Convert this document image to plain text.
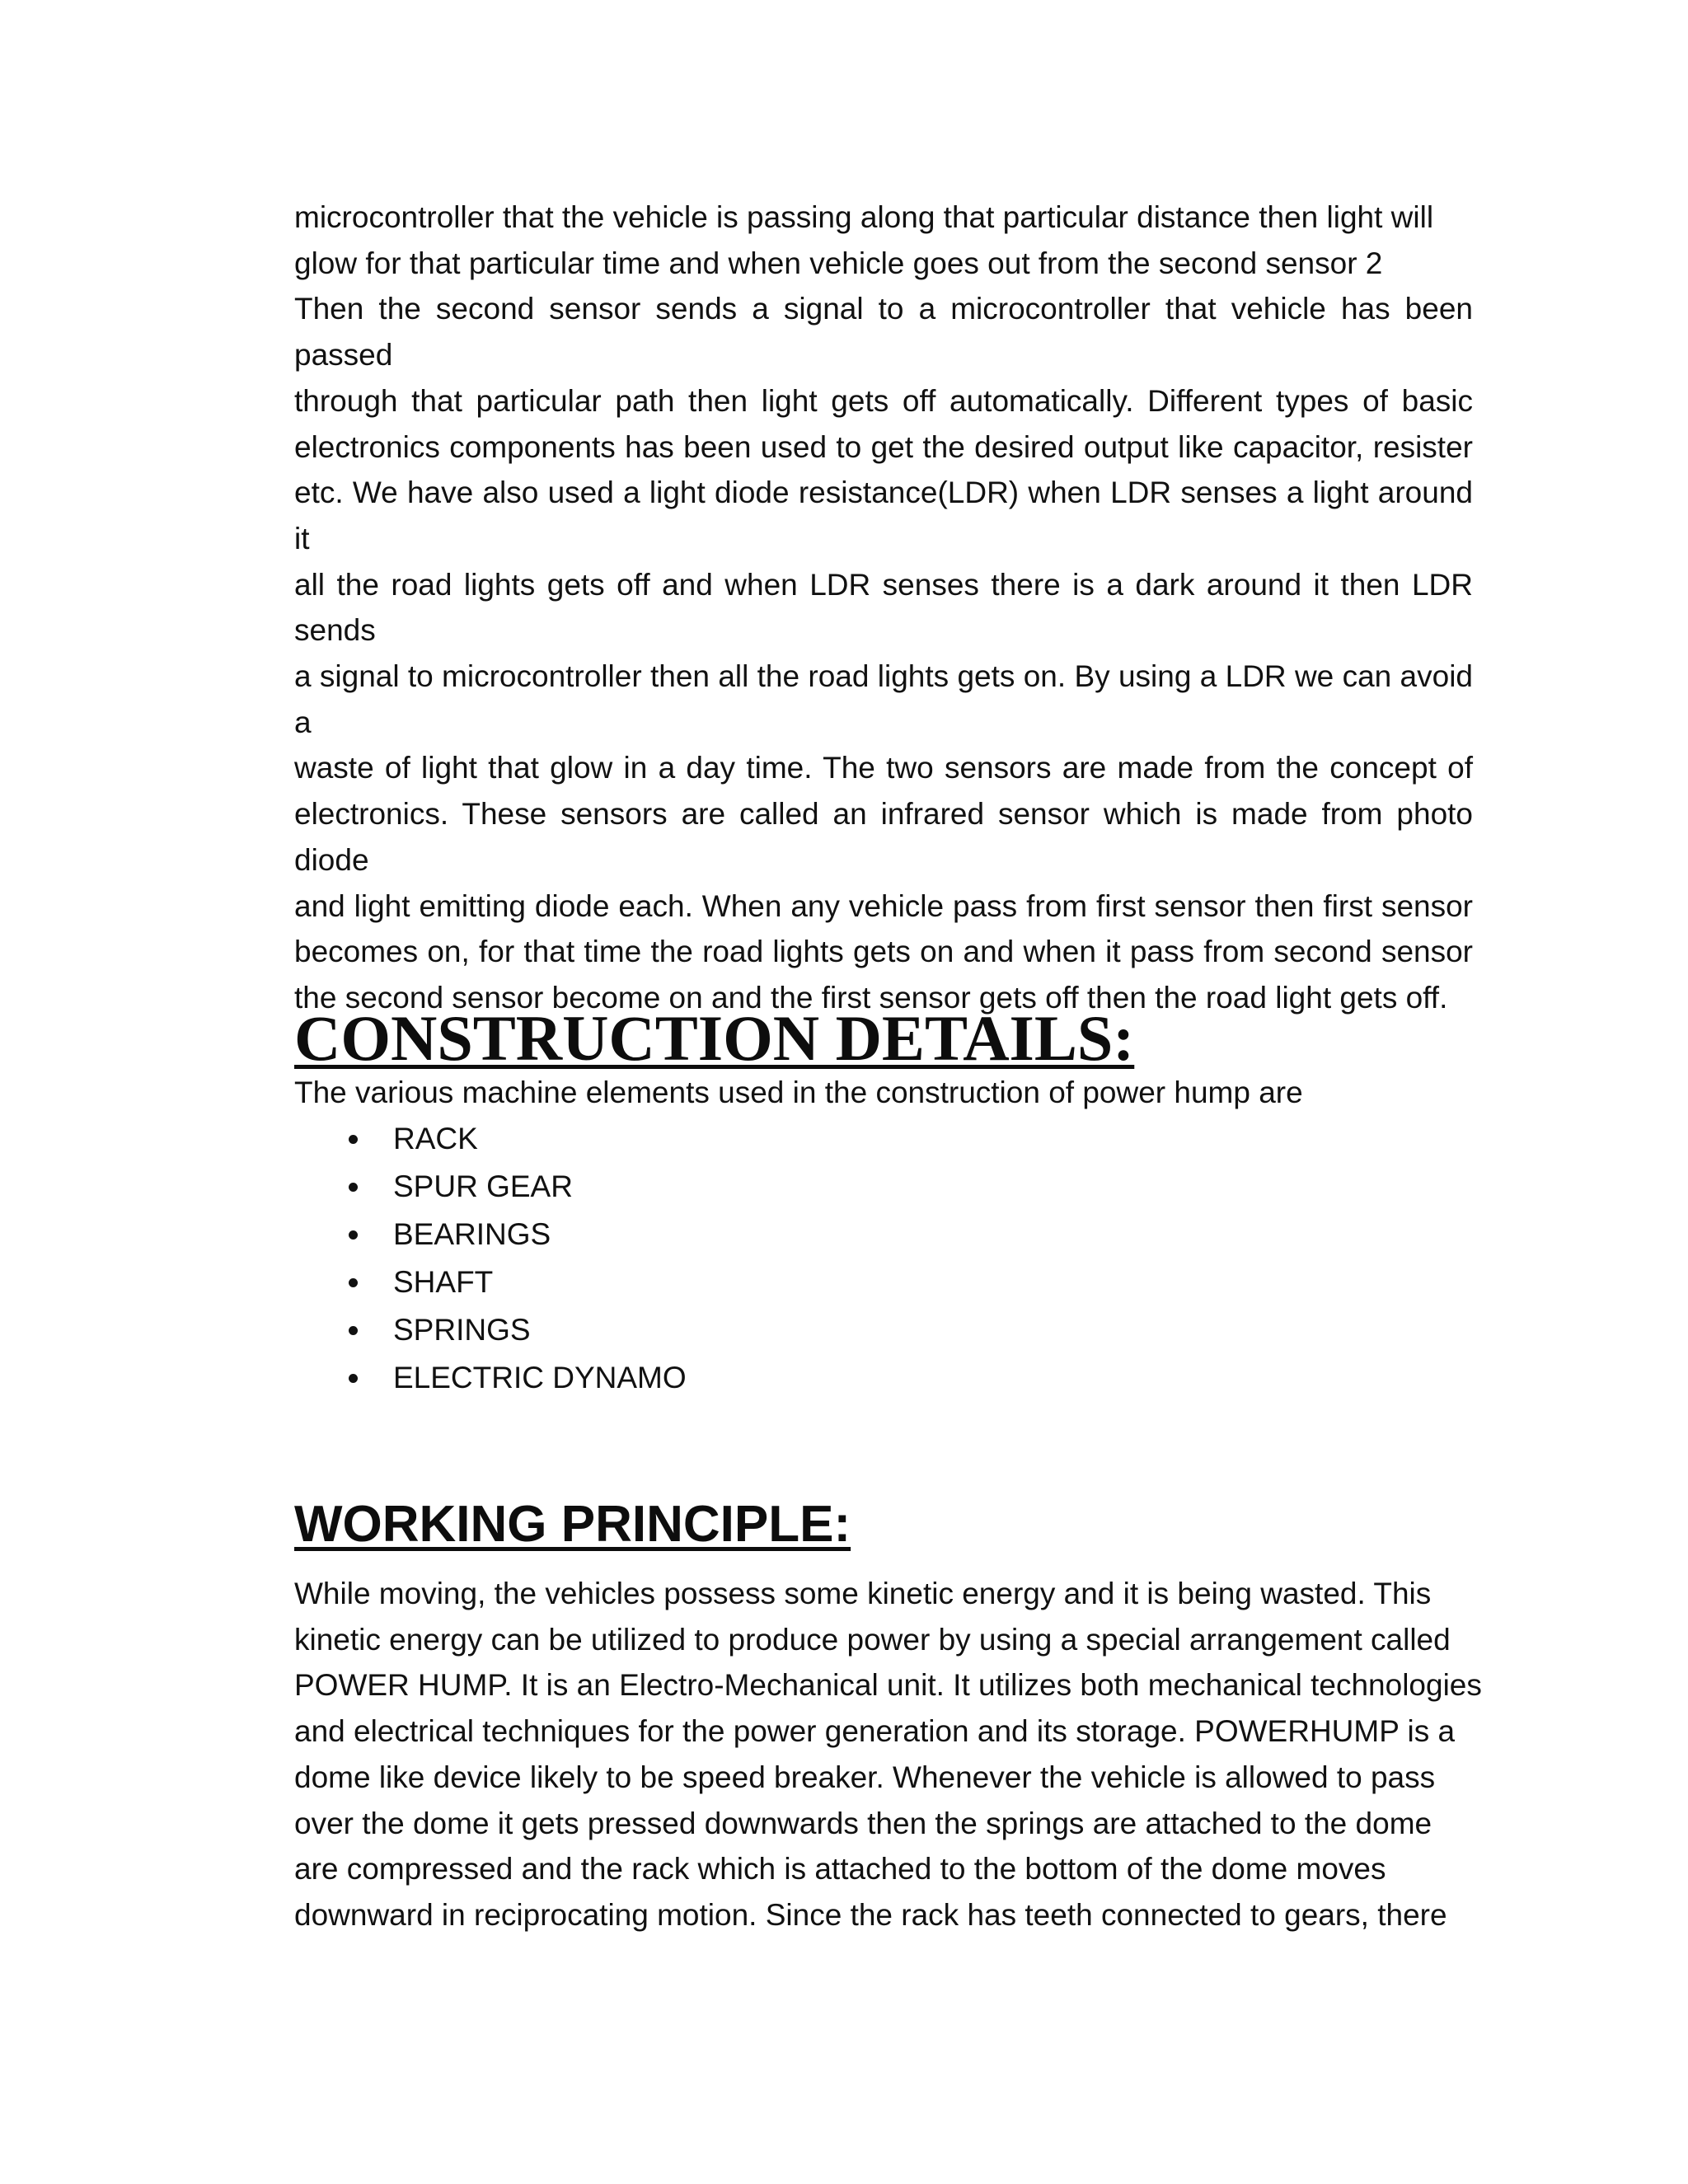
microcontroller that the vehicle is passing along that particular distance then light will
glow for that particular time and when vehicle goes out from the second sensor 2
Then the second sensor sends a signal to a microcontroller that vehicle has been passed
through that particular path then light gets off automatically. Different types of basic
electronics components has been used to get the desired output like capacitor, resister
etc. We have also used a light diode resistance(LDR) when LDR senses a light around it
all the road lights gets off and when LDR senses there is a dark around it then LDR sends
a signal to microcontroller then all the road lights gets on. By using a LDR we can avoid a
waste of light that glow in a day time. The two sensors are made from the concept of
electronics. These sensors are called an infrared sensor which is made from photo diode
and light emitting diode each. When any vehicle pass from first sensor then first sensor
becomes on, for that time the road lights gets on and when it pass from second sensor
the second sensor become on and the first sensor gets off then the road light gets off.

CONSTRUCTION DETAILS:

The various machine elements used in the construction of power hump are

RACK
SPUR GEAR
BEARINGS
SHAFT
SPRINGS
ELECTRIC DYNAMO
WORKING PRINCIPLE:

While moving, the vehicles possess some kinetic energy and it is being wasted. This
kinetic energy can be utilized to produce power by using a special arrangement called
POWER HUMP. It is an Electro-Mechanical unit. It utilizes both mechanical technologies
and electrical techniques for the power generation and its storage. POWERHUMP is a
dome like device likely to be speed breaker. Whenever the vehicle is allowed to pass
over the dome it gets pressed downwards then the springs are attached to the dome
are compressed and the rack which is attached to the bottom of the dome moves
downward in reciprocating motion. Since the rack has teeth connected to gears, there
